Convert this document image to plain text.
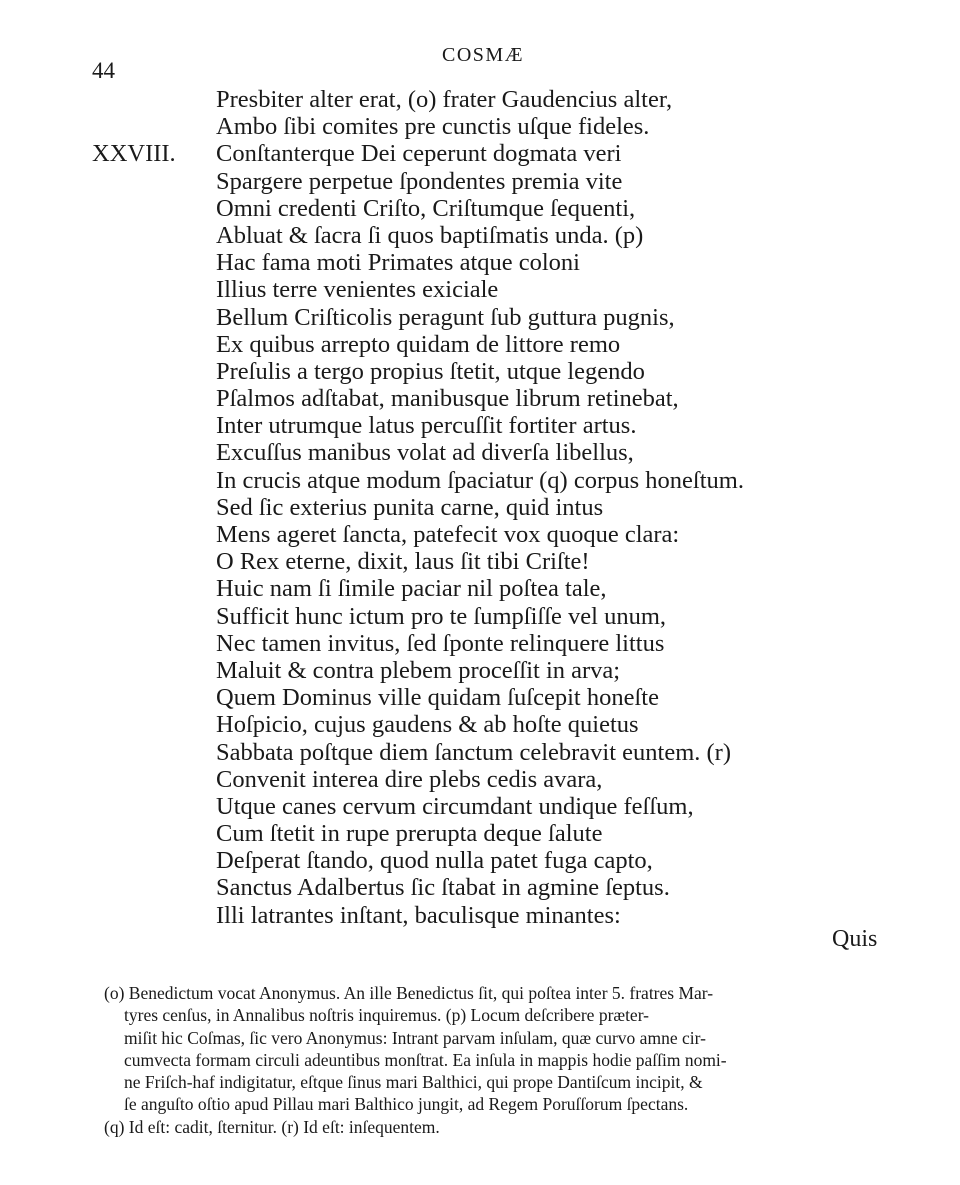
44
COSMÆ
Presbiter alter erat, (o) frater Gaudencius alter,
Ambo ſibi comites pre cunctis uſque fideles.
XXVIII. Conſtanterque Dei ceperunt dogmata veri
Spargere perpetue ſpondentes premia vite
Omni credenti Criſto, Criſtumque ſequenti,
Abluat & ſacra ſi quos baptiſmatis unda. (p)
Hac fama moti Primates atque coloni
Illius terre venientes exiciale
Bellum Criſticolis peragunt ſub guttura pugnis,
Ex quibus arrepto quidam de littore remo
Preſulis a tergo propius ſtetit, utque legendo
Pſalmos adſtabat, manibusque librum retinebat,
Inter utrumque latus percuſſit fortiter artus.
Excuſſus manibus volat ad diverſa libellus,
In crucis atque modum ſpaciatur (q) corpus honeſtum.
Sed ſic exterius punita carne, quid intus
Mens ageret ſancta, patefecit vox quoque clara:
O Rex eterne, dixit, laus ſit tibi Criſte!
Huic nam ſi ſimile paciar nil poſtea tale,
Sufficit hunc ictum pro te ſumpſiſſe vel unum,
Nec tamen invitus, ſed ſponte relinquere littus
Maluit & contra plebem proceſſit in arva;
Quem Dominus ville quidam ſuſcepit honeſte
Hoſpicio, cujus gaudens & ab hoſte quietus
Sabbata poſtque diem ſanctum celebravit euntem. (r)
Convenit interea dire plebs cedis avara,
Utque canes cervum circumdant undique feſſum,
Cum ſtetit in rupe prerupta deque ſalute
Deſperat ſtando, quod nulla patet fuga capto,
Sanctus Adalbertus ſic ſtabat in agmine ſeptus.
Illi latrantes inſtant, baculisque minantes:
Quis
(o) Benedictum vocat Anonymus. An ille Benedictus ſit, qui poſtea inter 5. fratres Mar-
tyres cenſus, in Annalibus noſtris inquiremus. (p) Locum deſcribere præter-
miſit hic Coſmas, ſic vero Anonymus: Intrant parvam inſulam, quæ curvo amne cir-
cumvecta formam circuli adeuntibus monſtrat. Ea inſula in mappis hodie paſſim nomi-
ne Friſch-haf indigitatur, eſtque ſinus mari Balthici, qui prope Dantiſcum incipit, &
ſe anguſto oſtio apud Pillau mari Balthico jungit, ad Regem Poruſſorum ſpectans.
(q) Id eſt: cadit, ſternitur. (r) Id eſt: inſequentem.
